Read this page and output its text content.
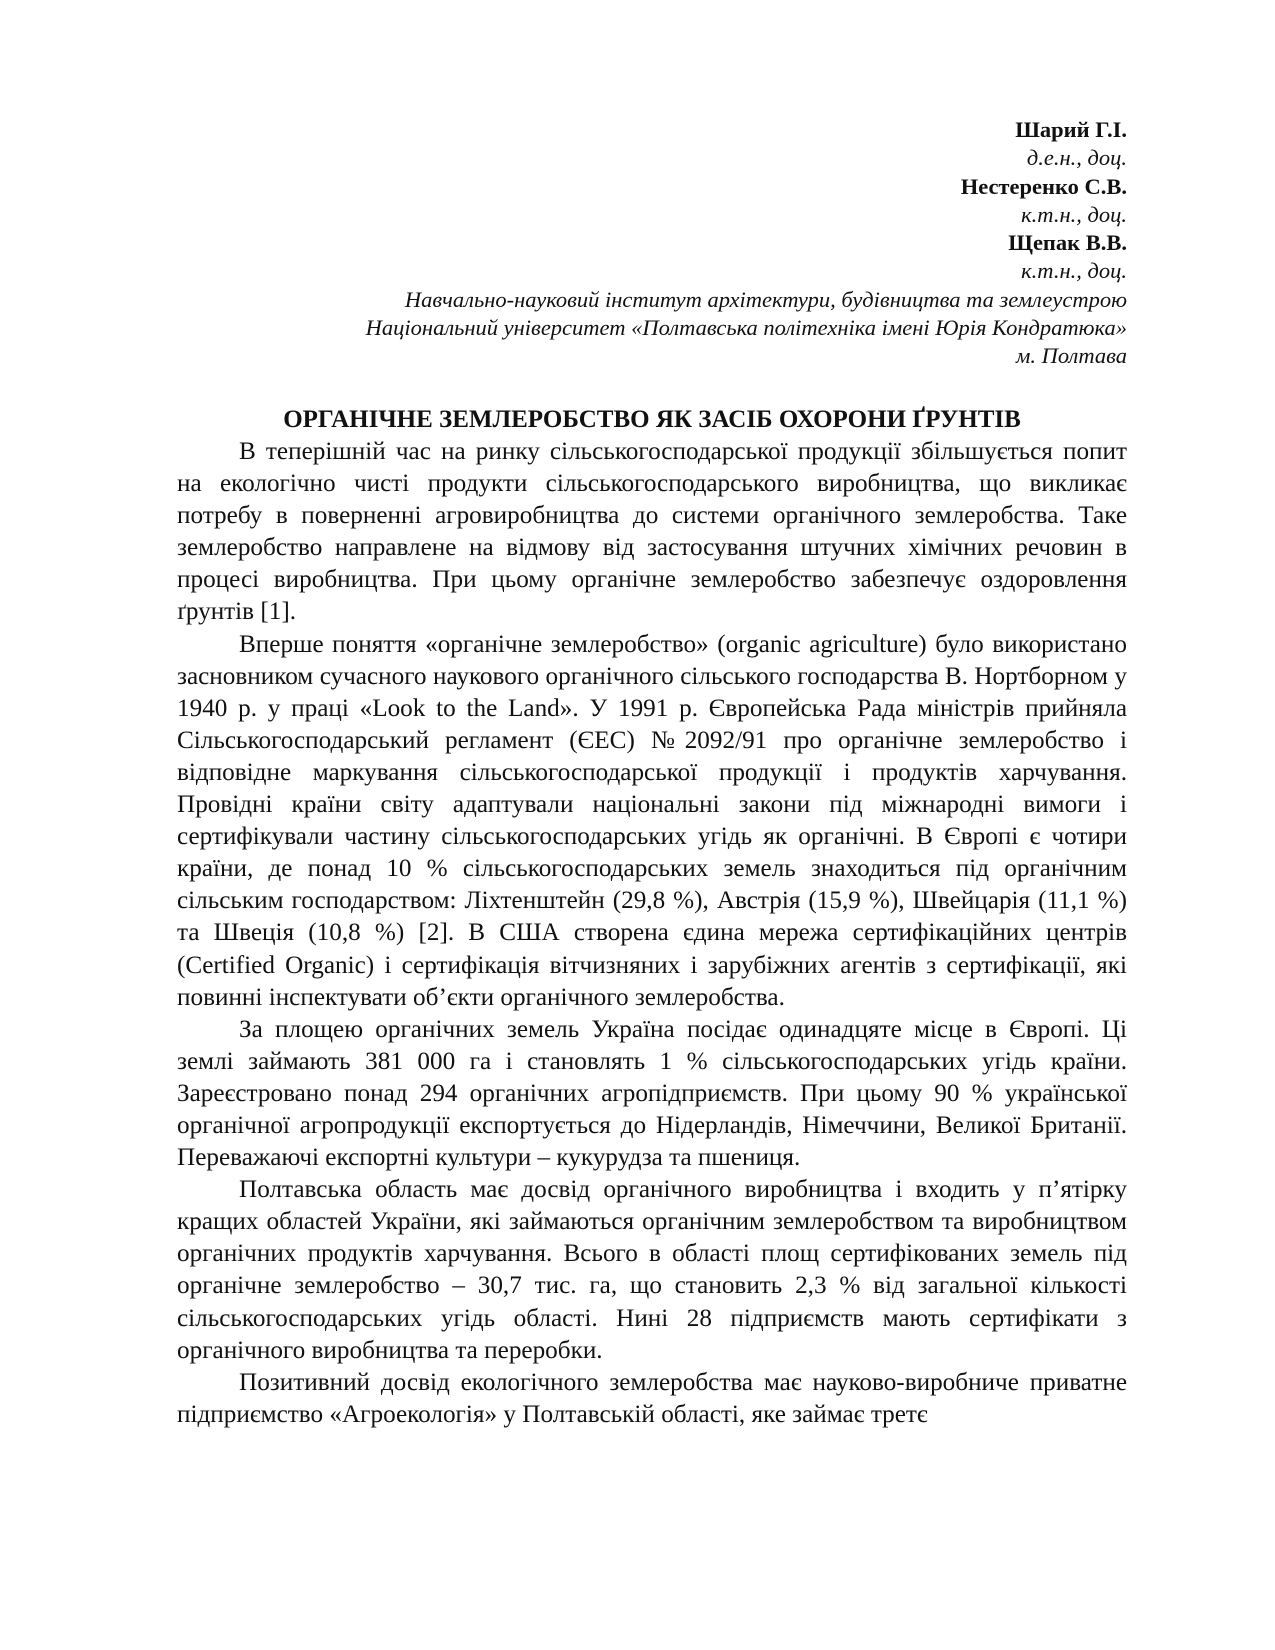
Шарий Г.І.
д.е.н., доц.
Нестеренко С.В.
к.т.н., доц.
Щепак В.В.
к.т.н., доц.
Навчально-науковий інститут архітектури, будівництва та землеустрою
Національний університет «Полтавська політехніка імені Юрія Кондратюка»
м. Полтава
ОРГАНІЧНЕ ЗЕМЛЕРОБСТВО ЯК ЗАСІБ ОХОРОНИ ҐРУНТІВ

В теперішній час на ринку сільськогосподарської продукції збільшується попит на екологічно чисті продукти сільськогосподарського виробництва, що викликає потребу в поверненні агровиробництва до системи органічного землеробства. Таке землеробство направлене на відмову від застосування штучних хімічних речовин в процесі виробництва. При цьому органічне землеробство забезпечує оздоровлення ґрунтів [1].

Вперше поняття «органічне землеробство» (organic agriculture) було використано засновником сучасного наукового органічного сільського господарства В. Нортборном у 1940 р. у праці «Look to the Land». У 1991 р. Європейська Рада міністрів прийняла Сільськогосподарський регламент (ЄЕС) №2092/91 про органічне землеробство і відповідне маркування сільськогосподарської продукції і продуктів харчування. Провідні країни світу адаптували національні закони під міжнародні вимоги і сертифікували частину сільськогосподарських угідь як органічні. В Європі є чотири країни, де понад 10 % сільськогосподарських земель знаходиться під органічним сільським господарством: Ліхтенштейн (29,8 %), Австрія (15,9 %), Швейцарія (11,1 %) та Швеція (10,8 %) [2]. В США створена єдина мережа сертифікаційних центрів (Certified Organic) і сертифікація вітчизняних і зарубіжних агентів з сертифікації, які повинні інспектувати об’єкти органічного землеробства.

За площею органічних земель Україна посідає одинадцяте місце в Європі. Ці землі займають 381 000 га і становлять 1 % сільськогосподарських угідь країни. Зареєстровано понад 294 органічних агропідприємств. При цьому 90 % української органічної агропродукції експортується до Нідерландів, Німеччини, Великої Британії. Переважаючі експортні культури – кукурудза та пшениця.

Полтавська область має досвід органічного виробництва і входить у п’ятірку кращих областей України, які займаються органічним землеробством та виробництвом органічних продуктів харчування. Всього в області площ сертифікованих земель під органічне землеробство – 30,7 тис. га, що становить 2,3 % від загальної кількості сільськогосподарських угідь області. Нині 28 підприємств мають сертифікати з органічного виробництва та переробки.

Позитивний досвід екологічного землеробства має науково-виробниче приватне підприємство «Агроекологія» у Полтавській області, яке займає третє
